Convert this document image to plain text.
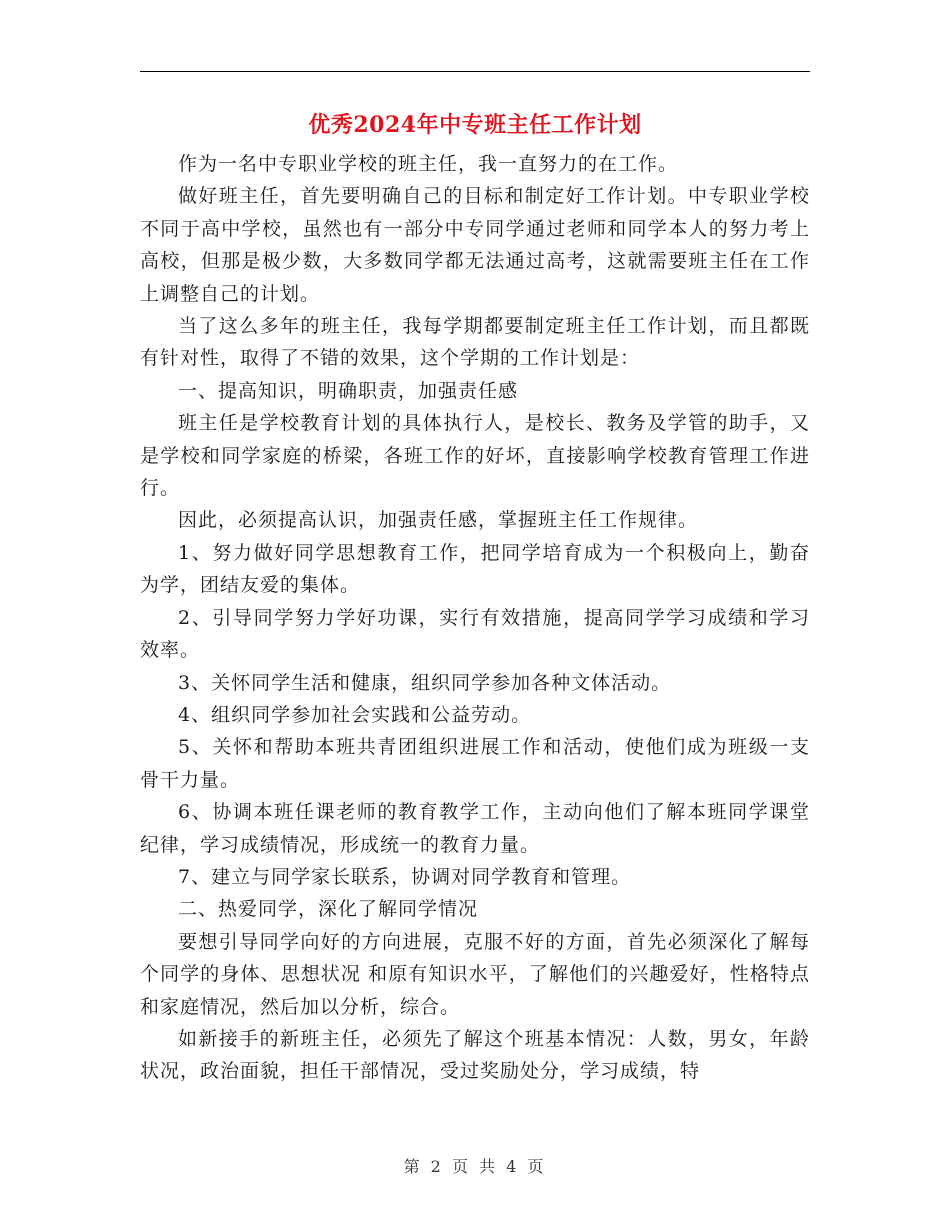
优秀2024年中专班主任工作计划

作为一名中专职业学校的班主任，我一直努力的在工作。

做好班主任，首先要明确自己的目标和制定好工作计划。中专职业学校不同于高中学校，虽然也有一部分中专同学通过老师和同学本人的努力考上高校，但那是极少数，大多数同学都无法通过高考，这就需要班主任在工作上调整自己的计划。

当了这么多年的班主任，我每学期都要制定班主任工作计划，而且都既有针对性，取得了不错的效果，这个学期的工作计划是：

一、提高知识，明确职责，加强责任感

班主任是学校教育计划的具体执行人，是校长、教务及学管的助手，又是学校和同学家庭的桥梁，各班工作的好坏，直接影响学校教育管理工作进行。

因此，必须提高认识，加强责任感，掌握班主任工作规律。

1、努力做好同学思想教育工作，把同学培育成为一个积极向上，勤奋为学，团结友爱的集体。

2、引导同学努力学好功课，实行有效措施，提高同学学习成绩和学习效率。

3、关怀同学生活和健康，组织同学参加各种文体活动。

4、组织同学参加社会实践和公益劳动。

5、关怀和帮助本班共青团组织进展工作和活动，使他们成为班级一支骨干力量。

6、协调本班任课老师的教育教学工作，主动向他们了解本班同学课堂纪律，学习成绩情况，形成统一的教育力量。

7、建立与同学家长联系，协调对同学教育和管理。

二、热爱同学，深化了解同学情况

要想引导同学向好的方向进展，克服不好的方面，首先必须深化了解每个同学的身体、思想状况 和原有知识水平，了解他们的兴趣爱好，性格特点和家庭情况，然后加以分析，综合。

如新接手的新班主任，必须先了解这个班基本情况：人数，男女，年龄状况，政治面貌，担任干部情况，受过奖励处分，学习成绩，特

第 2 页 共 4 页
